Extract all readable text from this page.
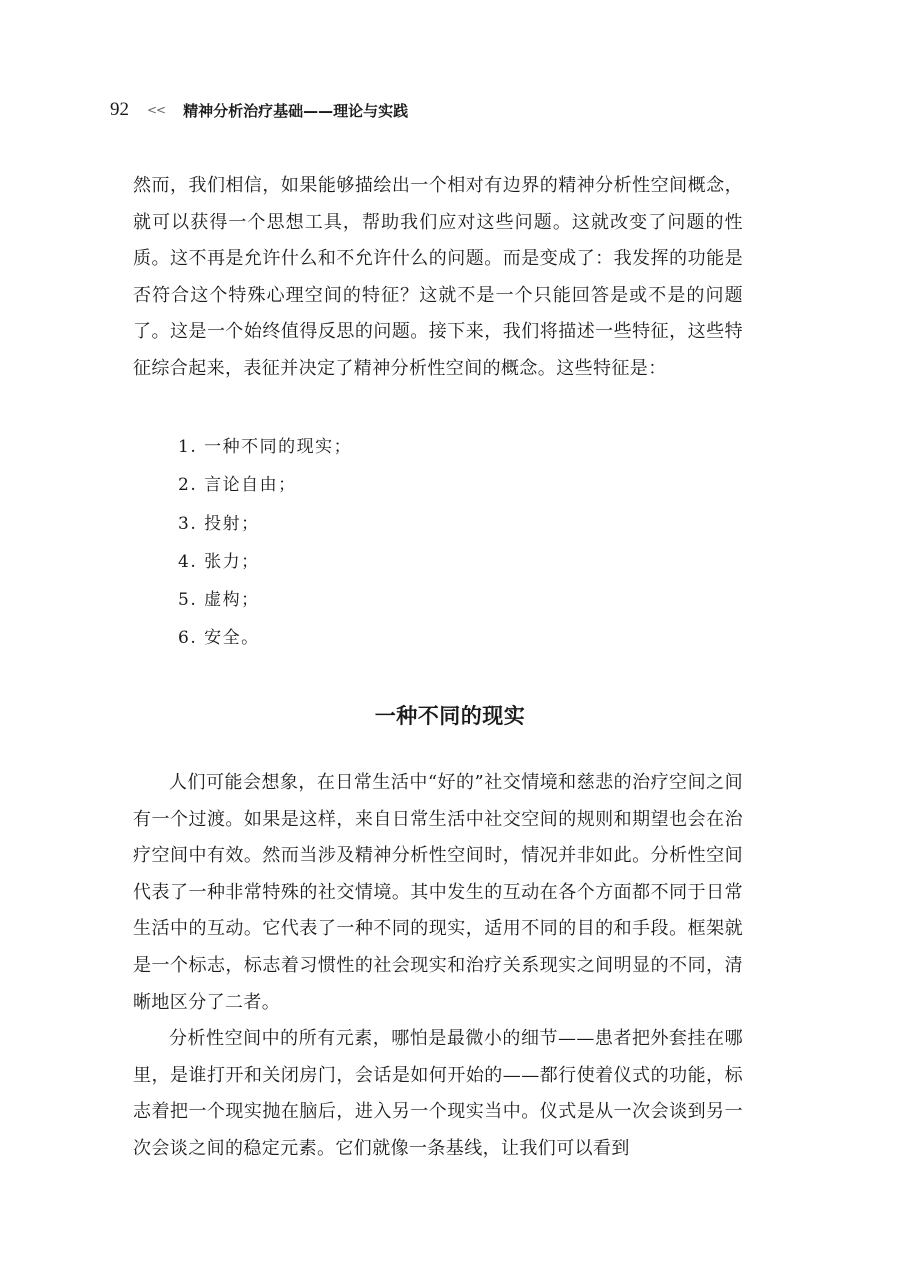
92 << 精神分析治疗基础——理论与实践

然而，我们相信，如果能够描绘出一个相对有边界的精神分析性空间概念，就可以获得一个思想工具，帮助我们应对这些问题。这就改变了问题的性质。这不再是允许什么和不允许什么的问题。而是变成了：我发挥的功能是否符合这个特殊心理空间的特征？这就不是一个只能回答是或不是的问题了。这是一个始终值得反思的问题。接下来，我们将描述一些特征，这些特征综合起来，表征并决定了精神分析性空间的概念。这些特征是：

1. 一种不同的现实；
2. 言论自由；
3. 投射；
4. 张力；
5. 虚构；
6. 安全。
一种不同的现实

人们可能会想象，在日常生活中“好的”社交情境和慈悲的治疗空间之间有一个过渡。如果是这样，来自日常生活中社交空间的规则和期望也会在治疗空间中有效。然而当涉及精神分析性空间时，情况并非如此。分析性空间代表了一种非常特殊的社交情境。其中发生的互动在各个方面都不同于日常生活中的互动。它代表了一种不同的现实，适用不同的目的和手段。框架就是一个标志，标志着习惯性的社会现实和治疗关系现实之间明显的不同，清晰地区分了二者。

分析性空间中的所有元素，哪怕是最微小的细节——患者把外套挂在哪里，是谁打开和关闭房门，会话是如何开始的——都行使着仪式的功能，标志着把一个现实抛在脑后，进入另一个现实当中。仪式是从一次会谈到另一次会谈之间的稳定元素。它们就像一条基线，让我们可以看到
